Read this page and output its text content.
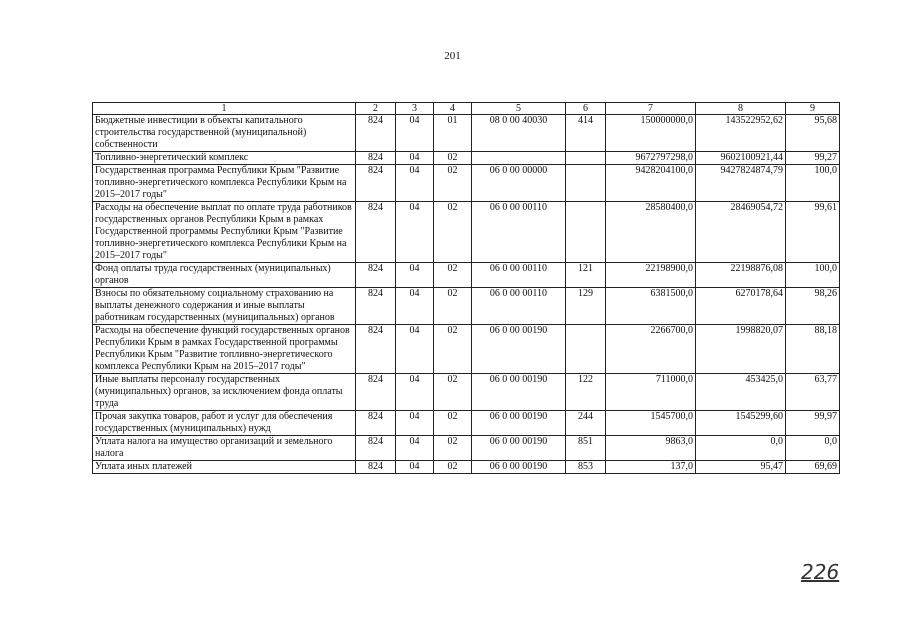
201
1	2	3	4	5	6	7	8	9
Бюджетные инвестиции в объекты капитального строительства государственной (муниципальной) собственности	824	04	01	08 0 00 40030	414	150000000,0	143522952,62	95,68
Топливно-энергетический комплекс	824	04	02			9672797298,0	9602100921,44	99,27
Государственная программа Республики Крым "Развитие топливно-энергетического комплекса Республики Крым на 2015–2017 годы"	824	04	02	06 0 00 00000		9428204100,0	9427824874,79	100,0
Расходы на обеспечение выплат по оплате труда работников государственных органов Республики Крым в рамках Государственной программы Республики Крым "Развитие топливно-энергетического комплекса Республики Крым на 2015–2017 годы"	824	04	02	06 0 00 00110		28580400,0	28469054,72	99,61
Фонд оплаты труда государственных (муниципальных) органов	824	04	02	06 0 00 00110	121	22198900,0	22198876,08	100,0
Взносы по обязательному социальному страхованию на выплаты денежного содержания и иные выплаты работникам государственных (муниципальных) органов	824	04	02	06 0 00 00110	129	6381500,0	6270178,64	98,26
Расходы на обеспечение функций государственных органов Республики Крым в рамках Государственной программы Республики Крым "Развитие топливно-энергетического комплекса Республики Крым на 2015–2017 годы"	824	04	02	06 0 00 00190		2266700,0	1998820,07	88,18
Иные выплаты персоналу государственных (муниципальных) органов, за исключением фонда оплаты труда	824	04	02	06 0 00 00190	122	711000,0	453425,0	63,77
Прочая закупка товаров, работ и услуг для обеспечения государственных (муниципальных) нужд	824	04	02	06 0 00 00190	244	1545700,0	1545299,60	99,97
Уплата налога на имущество организаций и земельного налога	824	04	02	06 0 00 00190	851	9863,0	0,0	0,0
Уплата иных платежей	824	04	02	06 0 00 00190	853	137,0	95,47	69,69
226
